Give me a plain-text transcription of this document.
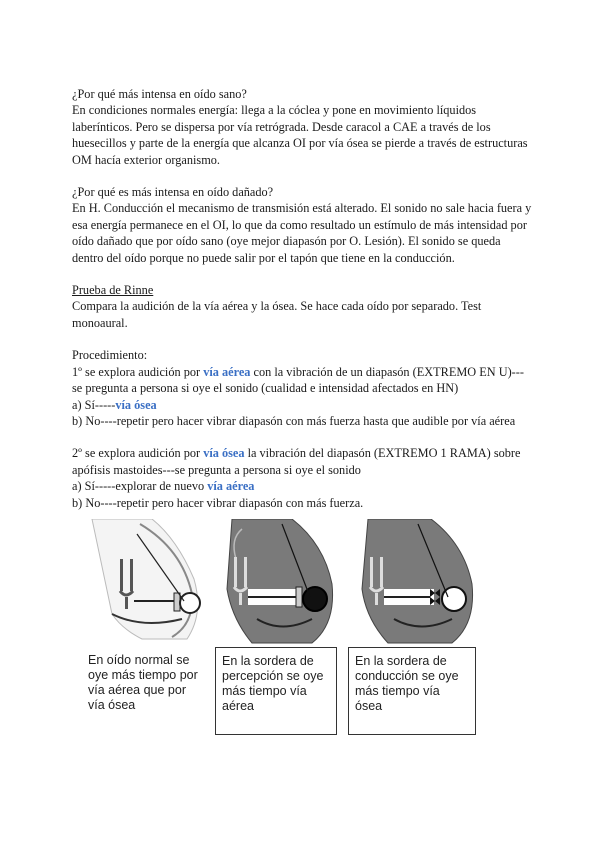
¿Por qué más intensa en oído sano?

En condiciones normales energía: llega a la cóclea y pone en movimiento líquidos laberínticos. Pero se dispersa por vía retrógrada. Desde caracol a CAE a través de los huesecillos y parte de la energía que alcanza OI por vía ósea se pierde a través de estructuras OM hacía exterior organismo.

¿Por qué es más intensa en oído dañado?

En H. Conducción el mecanismo de transmisión está alterado. El sonido no sale hacia fuera y esa energía permanece en el OI, lo que da como resultado un estímulo de más intensidad por oído dañado que por oído sano (oye mejor diapasón por O. Lesión). El sonido se queda dentro del oído porque no puede salir por el tapón que tiene en la conducción.

Prueba de Rinne

Compara la audición de la vía aérea y la ósea. Se hace cada oído por separado. Test monoaural.

Procedimiento:

1º se explora audición por vía aérea con la vibración de un diapasón (EXTREMO EN U)---se pregunta a persona si oye el sonido (cualidad e intensidad afectados en HN)

a) Sí-----vía ósea

b) No----repetir pero hacer vibrar diapasón con más fuerza hasta que audible por vía aérea

2º se explora audición por vía ósea la vibración del diapasón (EXTREMO 1 RAMA) sobre apófisis mastoides---se pregunta a persona si oye el sonido

a) Sí-----explorar de nuevo vía aérea

b) No----repetir pero hacer vibrar diapasón con más fuerza.

En oído normal se oye más tiempo por vía aérea que por vía ósea
En la sordera de percepción se oye más tiempo vía aérea
En la sordera de conducción se oye más tiempo vía ósea
